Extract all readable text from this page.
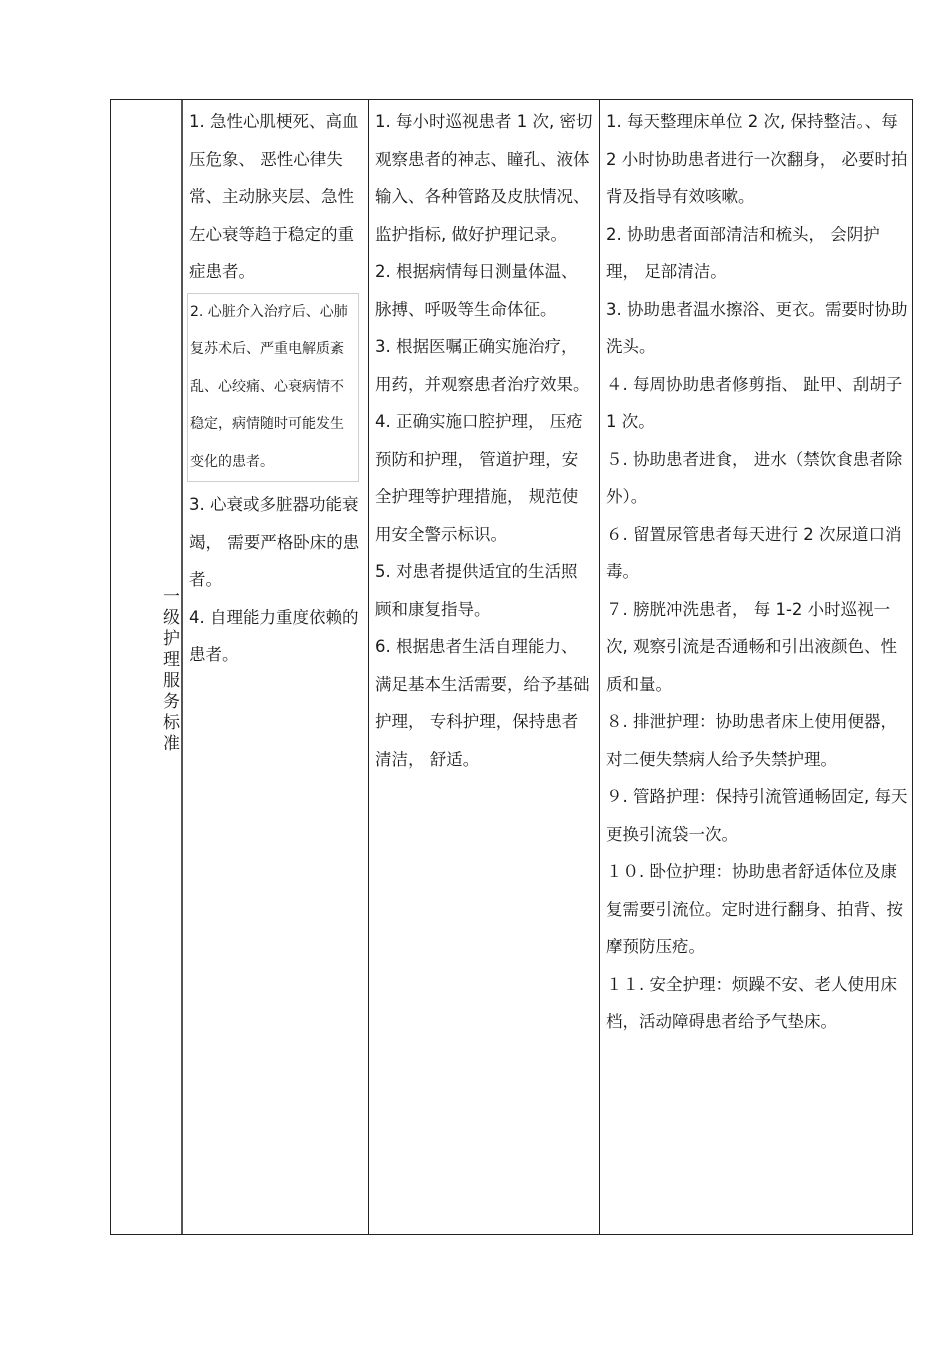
一级护理服务标准

1. 急性心肌梗死、高血压危象、 恶性心律失常、主动脉夹层、急性左心衰等趋于稳定的重症患者。

2. 心脏介入治疗后、心肺复苏术后、严重电解质紊乱、心绞痛、心衰病情不稳定，病情随时可能发生变化的患者。

3. 心衰或多脏器功能衰竭， 需要严格卧床的患者。

4. 自理能力重度依赖的患者。

1. 每小时巡视患者 1 次, 密切观察患者的神志、瞳孔、液体输入、各种管路及皮肤情况、监护指标, 做好护理记录。

2. 根据病情每日测量体温、脉搏、呼吸等生命体征。

3. 根据医嘱正确实施治疗，用药，并观察患者治疗效果。

4. 正确实施口腔护理， 压疮预防和护理， 管道护理，安全护理等护理措施， 规范使用安全警示标识。

5. 对患者提供适宜的生活照顾和康复指导。

6. 根据患者生活自理能力、满足基本生活需要，给予基础护理， 专科护理，保持患者清洁， 舒适。

1. 每天整理床单位 2 次, 保持整洁。、每 2 小时协助患者进行一次翻身， 必要时拍背及指导有效咳嗽。

2. 协助患者面部清洁和梳头， 会阴护理， 足部清洁。

3. 协助患者温水擦浴、更衣。需要时协助洗头。

４. 每周协助患者修剪指、 趾甲、刮胡子 1 次。

５. 协助患者进食， 进水（禁饮食患者除外）。

６. 留置尿管患者每天进行 2 次尿道口消毒。

７. 膀胱冲洗患者， 每 1-2 小时巡视一次, 观察引流是否通畅和引出液颜色、性质和量。

８. 排泄护理：协助患者床上使用便器， 对二便失禁病人给予失禁护理。

９. 管路护理：保持引流管通畅固定, 每天更换引流袋一次。

１０. 卧位护理：协助患者舒适体位及康复需要引流位。定时进行翻身、拍背、按摩预防压疮。

１１. 安全护理：烦躁不安、老人使用床档，活动障碍患者给予气垫床。
